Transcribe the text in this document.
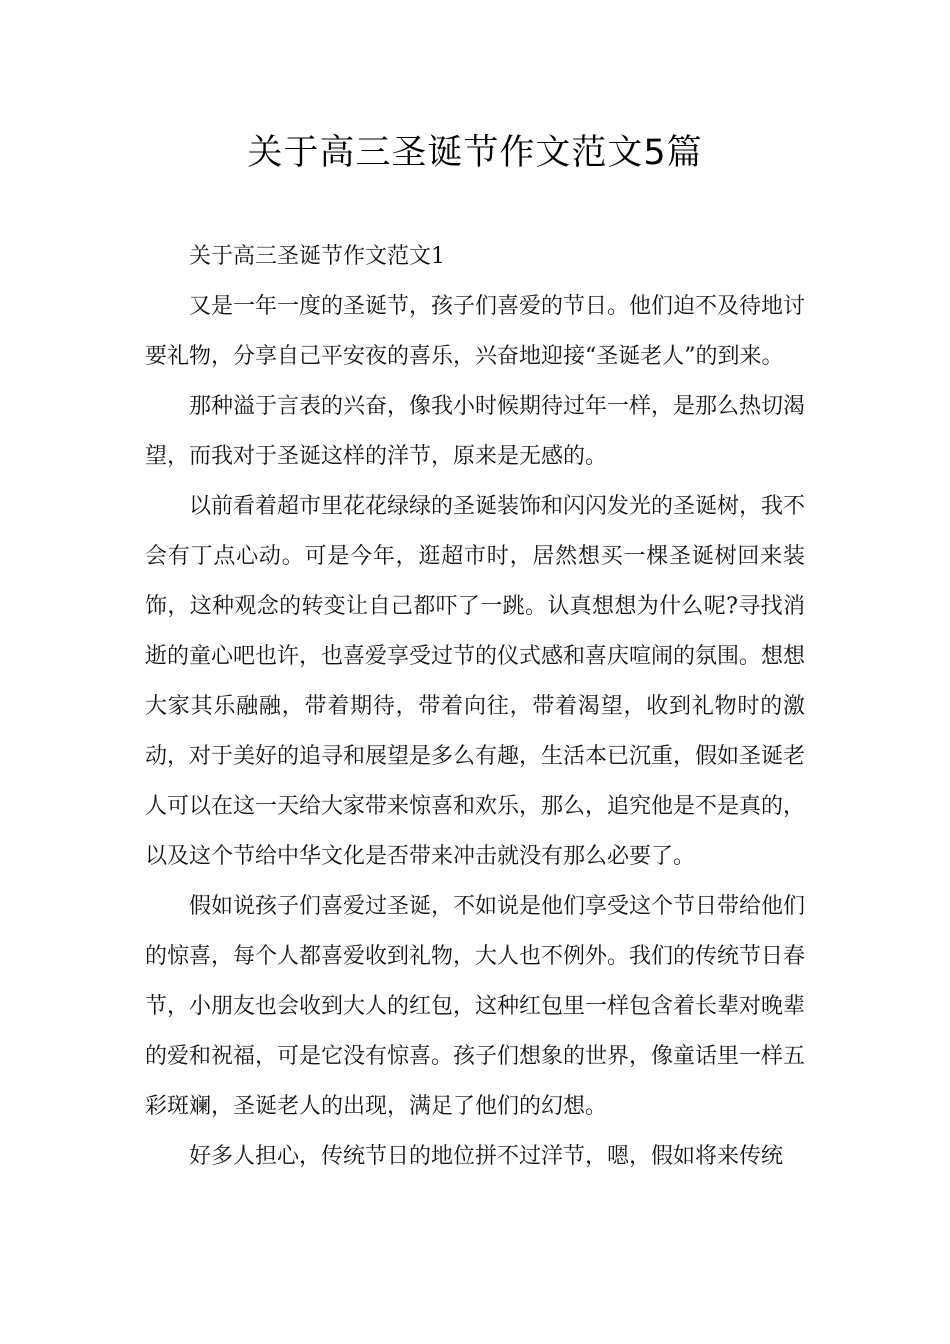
关于高三圣诞节作文范文5篇

关于高三圣诞节作文范文1

又是一年一度的圣诞节，孩子们喜爱的节日。他们迫不及待地讨要礼物，分享自己平安夜的喜乐，兴奋地迎接“圣诞老人”的到来。

那种溢于言表的兴奋，像我小时候期待过年一样，是那么热切渴望，而我对于圣诞这样的洋节，原来是无感的。

以前看着超市里花花绿绿的圣诞装饰和闪闪发光的圣诞树，我不会有丁点心动。可是今年，逛超市时，居然想买一棵圣诞树回来装饰，这种观念的转变让自己都吓了一跳。认真想想为什么呢?寻找消逝的童心吧也许，也喜爱享受过节的仪式感和喜庆喧闹的氛围。想想大家其乐融融，带着期待，带着向往，带着渴望，收到礼物时的激动，对于美好的追寻和展望是多么有趣，生活本已沉重，假如圣诞老人可以在这一天给大家带来惊喜和欢乐，那么，追究他是不是真的，以及这个节给中华文化是否带来冲击就没有那么必要了。

假如说孩子们喜爱过圣诞，不如说是他们享受这个节日带给他们的惊喜，每个人都喜爱收到礼物，大人也不例外。我们的传统节日春节，小朋友也会收到大人的红包，这种红包里一样包含着长辈对晚辈的爱和祝福，可是它没有惊喜。孩子们想象的世界，像童话里一样五彩斑斓，圣诞老人的出现，满足了他们的幻想。

好多人担心，传统节日的地位拼不过洋节，嗯，假如将来传统
